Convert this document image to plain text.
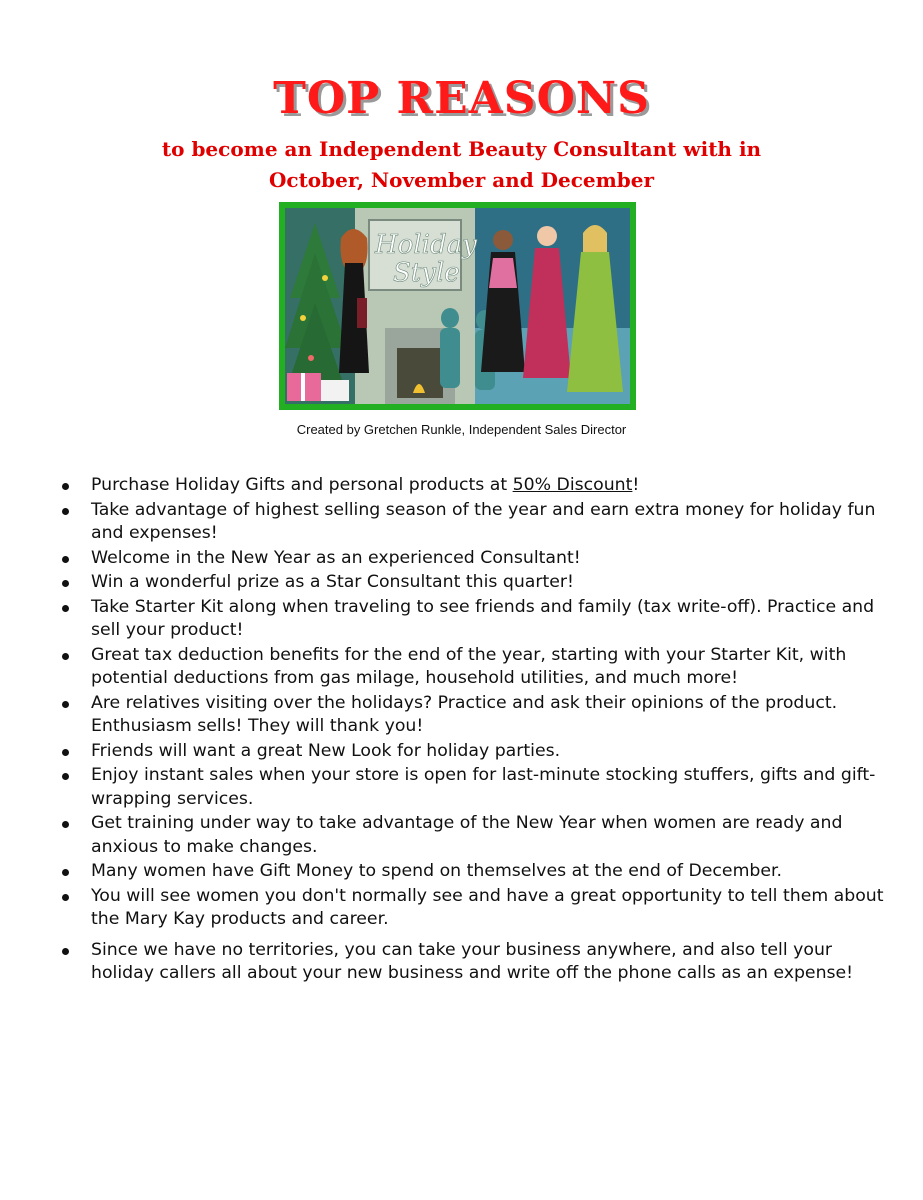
TOP REASONS
to become an Independent Beauty Consultant with in
October, November and December
Holiday
Style
Created by Gretchen Runkle, Independent Sales Director
Purchase Holiday Gifts and personal products at 50% Discount!
Take advantage of highest selling season of the year and earn extra money for holiday fun and expenses!
Welcome in the New Year as an experienced Consultant!
Win a wonderful prize as a Star Consultant this quarter!
Take Starter Kit along when traveling to see friends and family (tax write-off). Practice and sell your product!
Great tax deduction benefits for the end of the year, starting with your Starter Kit, with potential deductions from gas milage, household utilities, and much more!
Are relatives visiting over the holidays? Practice and ask their opinions of the product. Enthusiasm sells! They will thank you!
Friends will want a great New Look for holiday parties.
Enjoy instant sales when your store is open for last-minute stocking stuffers, gifts and gift-wrapping services.
Get training under way to take advantage of the New Year when women are ready and anxious to make changes.
Many women have Gift Money to spend on themselves at the end of December.
You will see women you don't normally see and have a great opportunity to tell them about the Mary Kay products and career.
Since we have no territories, you can take your business anywhere, and also tell your holiday callers all about your new business and write off the phone calls as an expense!
